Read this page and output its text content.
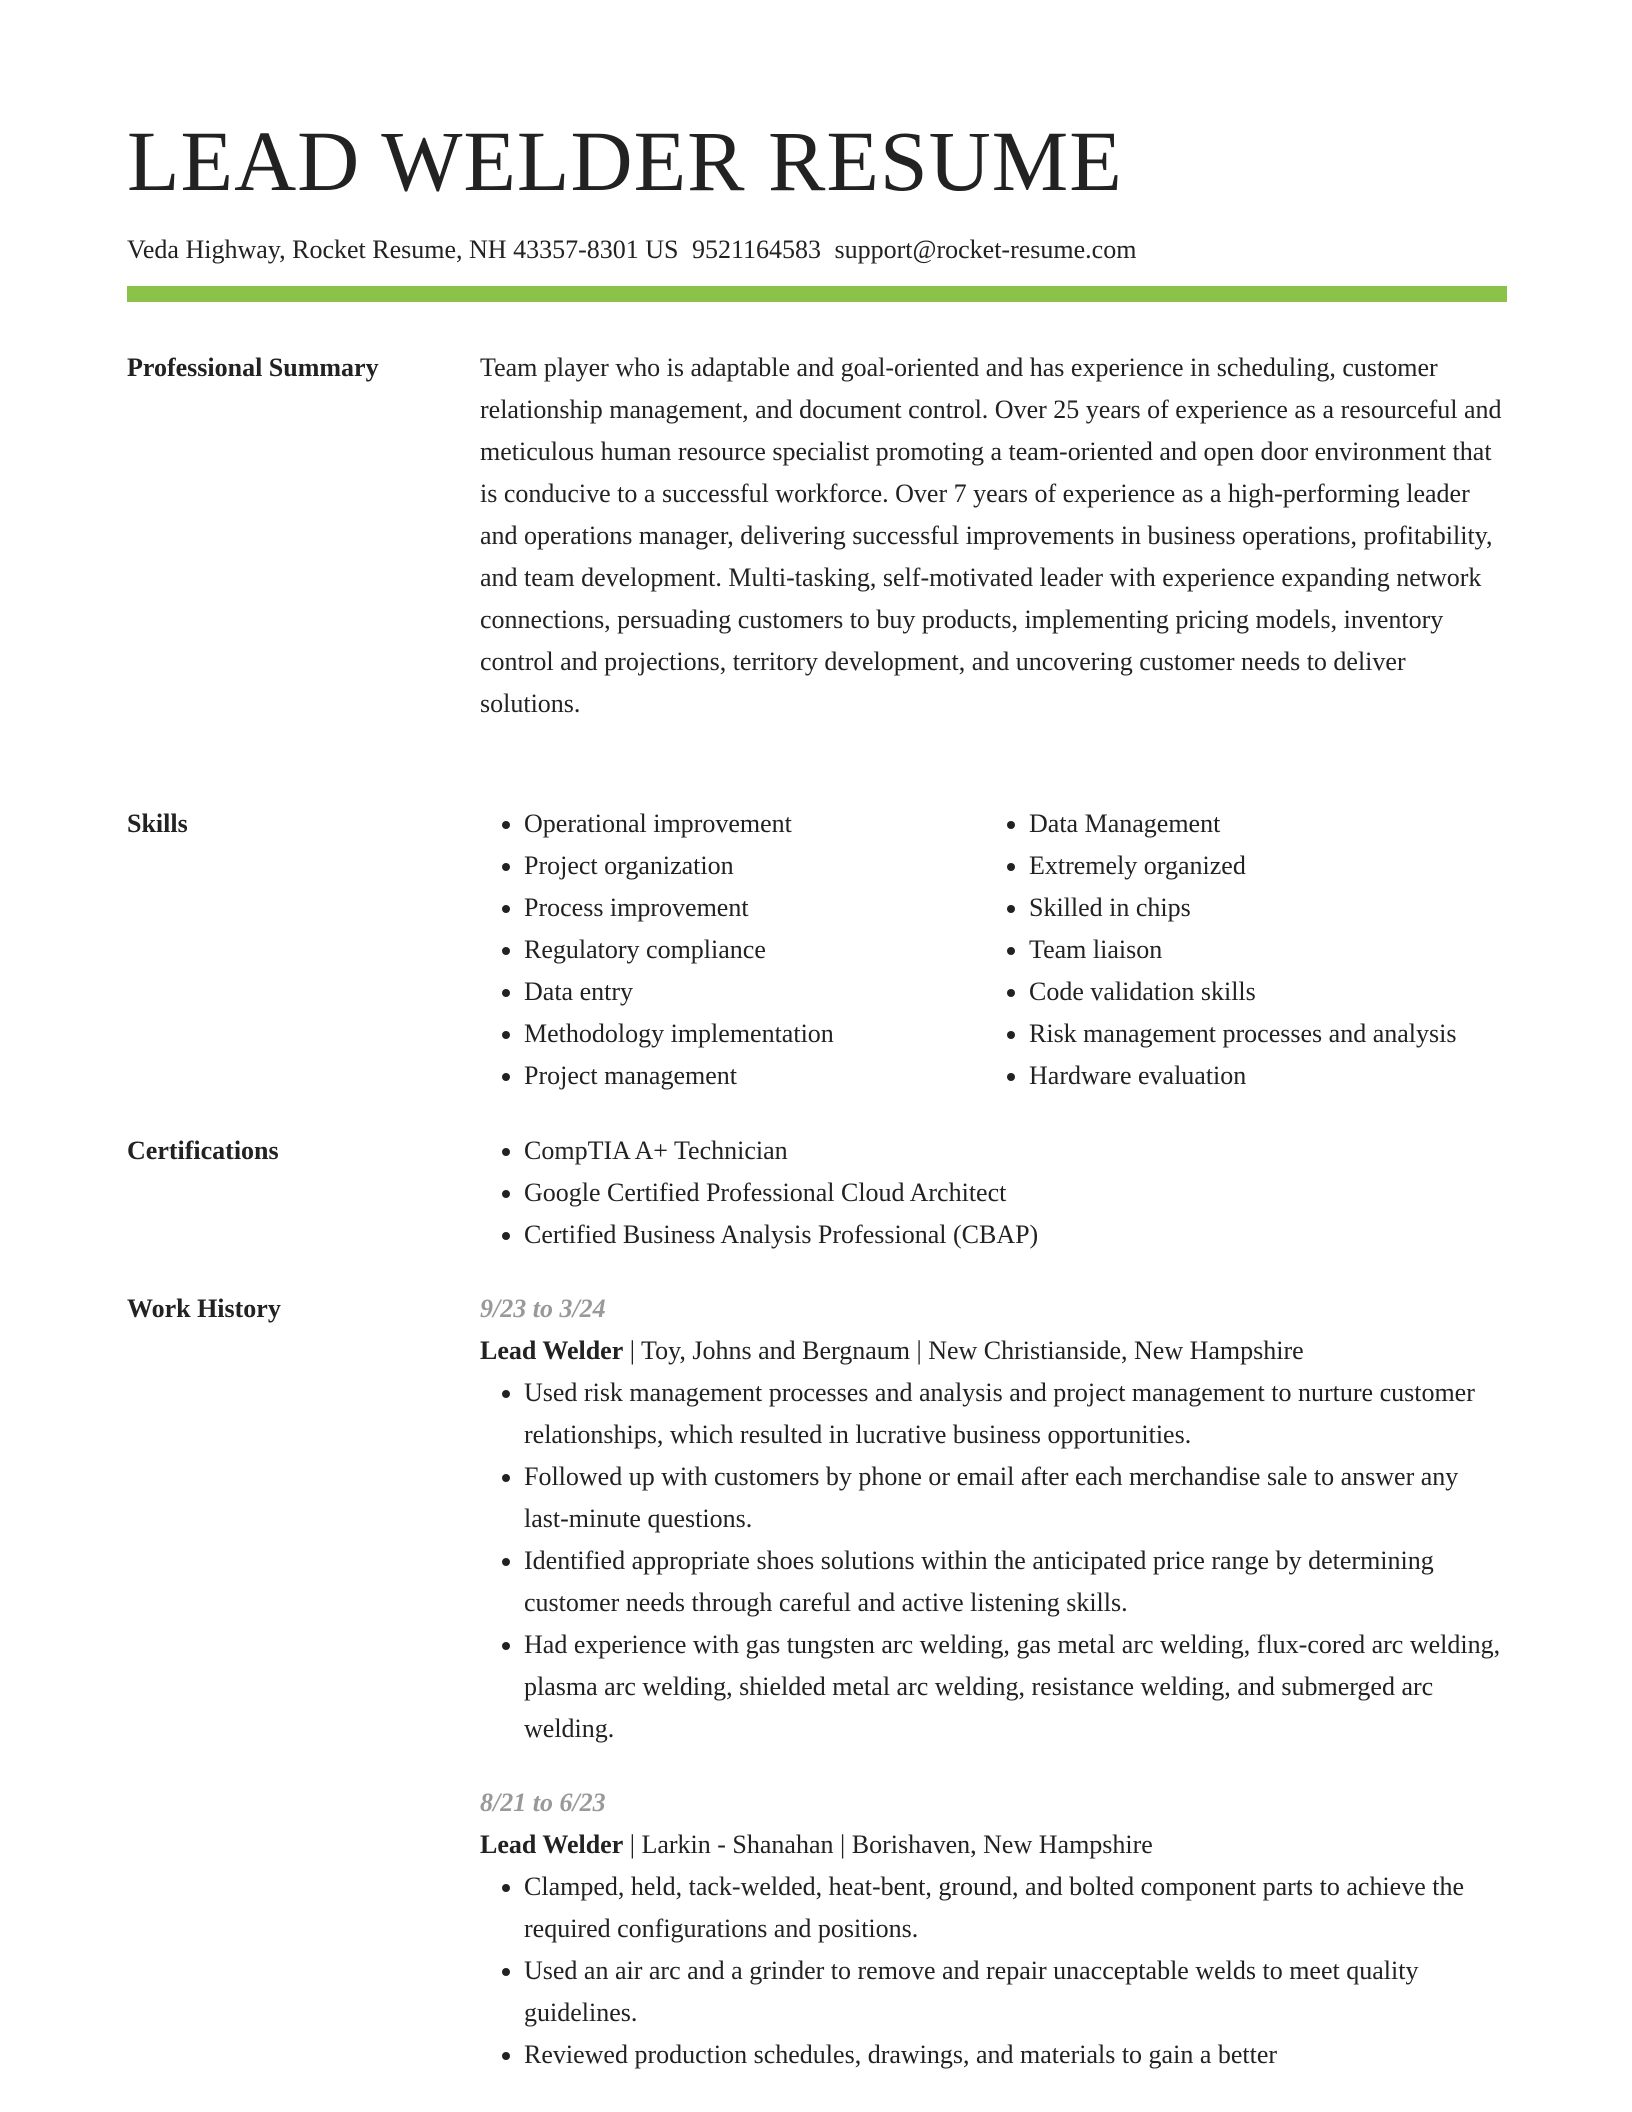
LEAD WELDER RESUME
Veda Highway, Rocket Resume, NH 43357-8301 US 9521164583 support@rocket-resume.com
Professional Summary	Team player who is adaptable and goal-oriented and has experience in scheduling, customer relationship management, and document control. Over 25 years of experience as a resourceful and meticulous human resource specialist promoting a team-oriented and open door environment that is conducive to a successful workforce. Over 7 years of experience as a high-performing leader and operations manager, delivering successful improvements in business operations, profitability, and team development. Multi-tasking, self-motivated leader with experience expanding network connections, persuading customers to buy products, implementing pricing models, inventory control and projections, territory development, and uncovering customer needs to deliver solutions.

Skills	• Operational improvement
• Project organization
• Process improvement
• Regulatory compliance
• Data entry
• Methodology implementation
• Project management
• Data Management
• Extremely organized
• Skilled in chips
• Team liaison
• Code validation skills
• Risk management processes and analysis
• Hardware evaluation
Certifications	• CompTIA A+ Technician
• Google Certified Professional Cloud Architect
• Certified Business Analysis Professional (CBAP)
Work History	9/23 to 3/24
Lead Welder | Toy, Johns and Bergnaum | New Christianside, New Hampshire
• Used risk management processes and analysis and project management to nurture customer relationships, which resulted in lucrative business opportunities.
• Followed up with customers by phone or email after each merchandise sale to answer any last-minute questions.
• Identified appropriate shoes solutions within the anticipated price range by determining customer needs through careful and active listening skills.
• Had experience with gas tungsten arc welding, gas metal arc welding, flux-cored arc welding, plasma arc welding, shielded metal arc welding, resistance welding, and submerged arc welding.
8/21 to 6/23
Lead Welder | Larkin - Shanahan | Borishaven, New Hampshire
• Clamped, held, tack-welded, heat-bent, ground, and bolted component parts to achieve the required configurations and positions.
• Used an air arc and a grinder to remove and repair unacceptable welds to meet quality guidelines.
• Reviewed production schedules, drawings, and materials to gain a better
